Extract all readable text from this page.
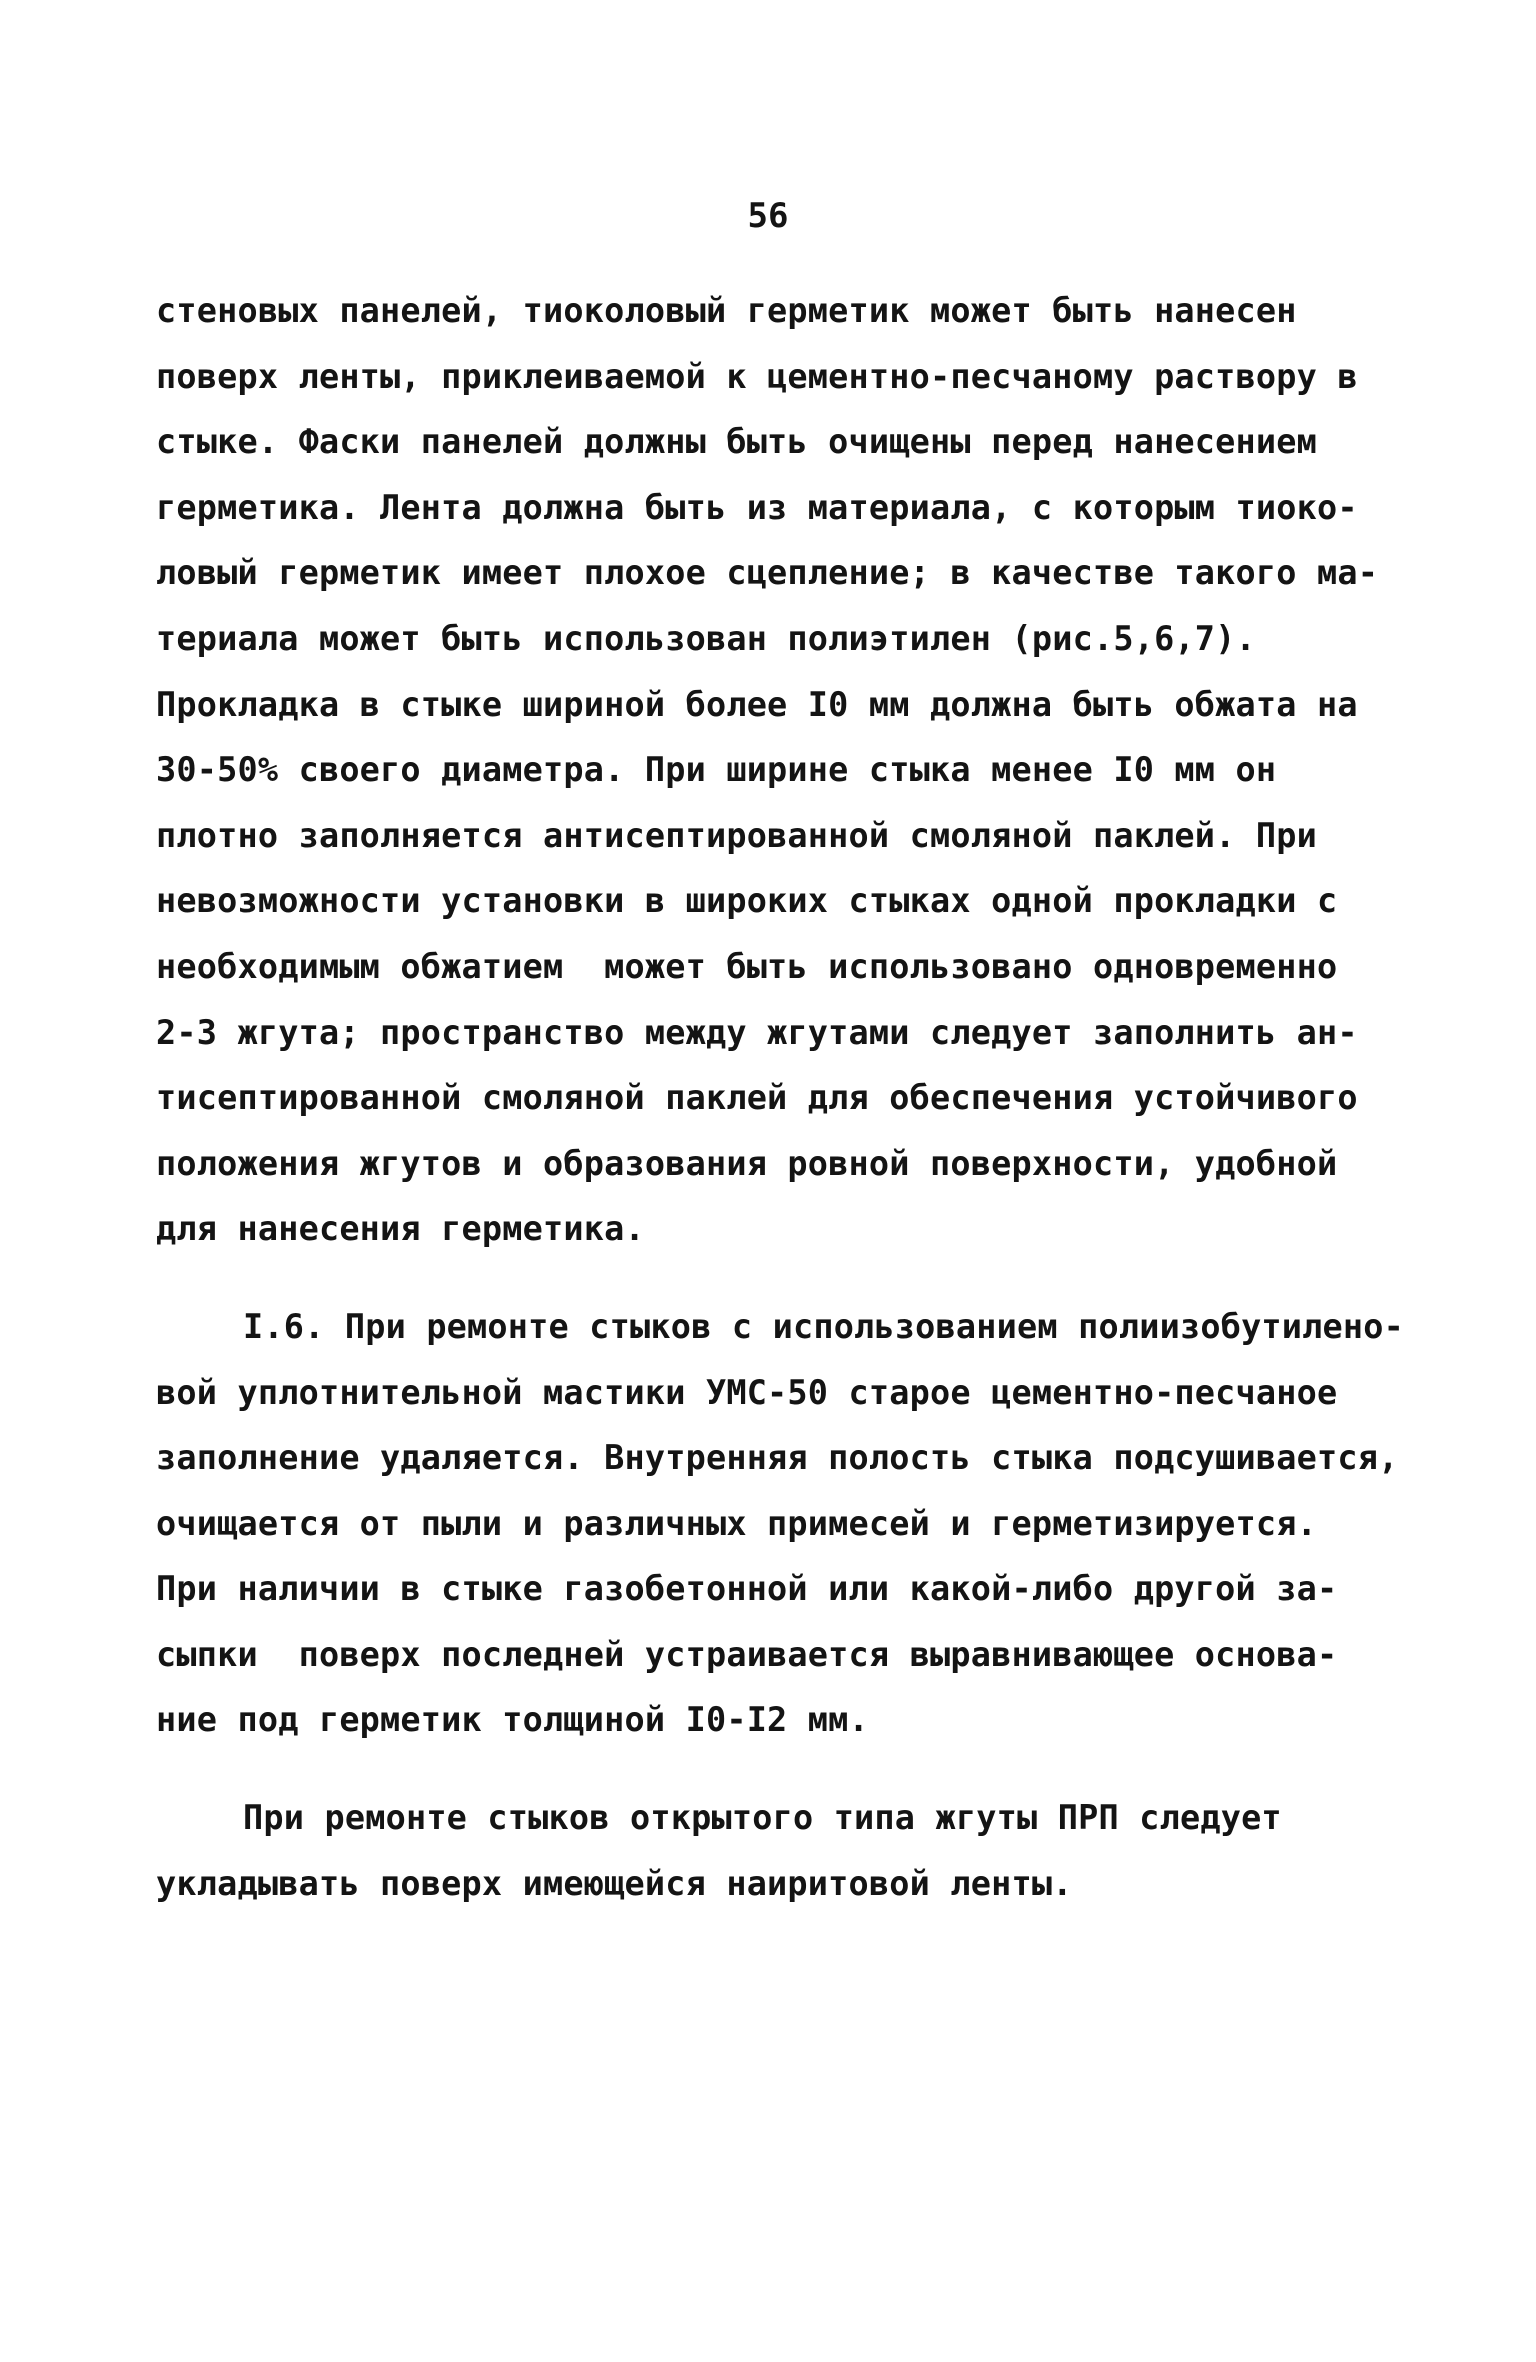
56
стеновых панелей, тиоколовый герметик может быть нанесен
поверх ленты, приклеиваемой к цементно-песчаному раствору в
стыке. Фаски панелей должны быть очищены перед нанесением
герметика. Лента должна быть из материала, с которым тиоко-
ловый герметик имеет плохое сцепление; в качестве такого ма-
териала может быть использован полиэтилен (рис.5,6,7).
Прокладка в стыке шириной более I0 мм должна быть обжата на
30-50% своего диаметра. При ширине стыка менее I0 мм он
плотно заполняется антисептированной смоляной паклей. При
невозможности установки в широких стыках одной прокладки с
необходимым обжатием  может быть использовано одновременно
2-3 жгута; пространство между жгутами следует заполнить ан-
тисептированной смоляной паклей для обеспечения устойчивого
положения жгутов и образования ровной поверхности, удобной
для нанесения герметика.
I.6. При ремонте стыков с использованием полиизобутилено-
вой уплотнительной мастики УМС-50 старое цементно-песчаное
заполнение удаляется. Внутренняя полость стыка подсушивается,
очищается от пыли и различных примесей и герметизируется.
При наличии в стыке газобетонной или какой-либо другой за-
сыпки  поверх последней устраивается выравнивающее основа-
ние под герметик толщиной I0-I2 мм.
При ремонте стыков открытого типа жгуты ПРП следует
укладывать поверх имеющейся наиритовой ленты.
